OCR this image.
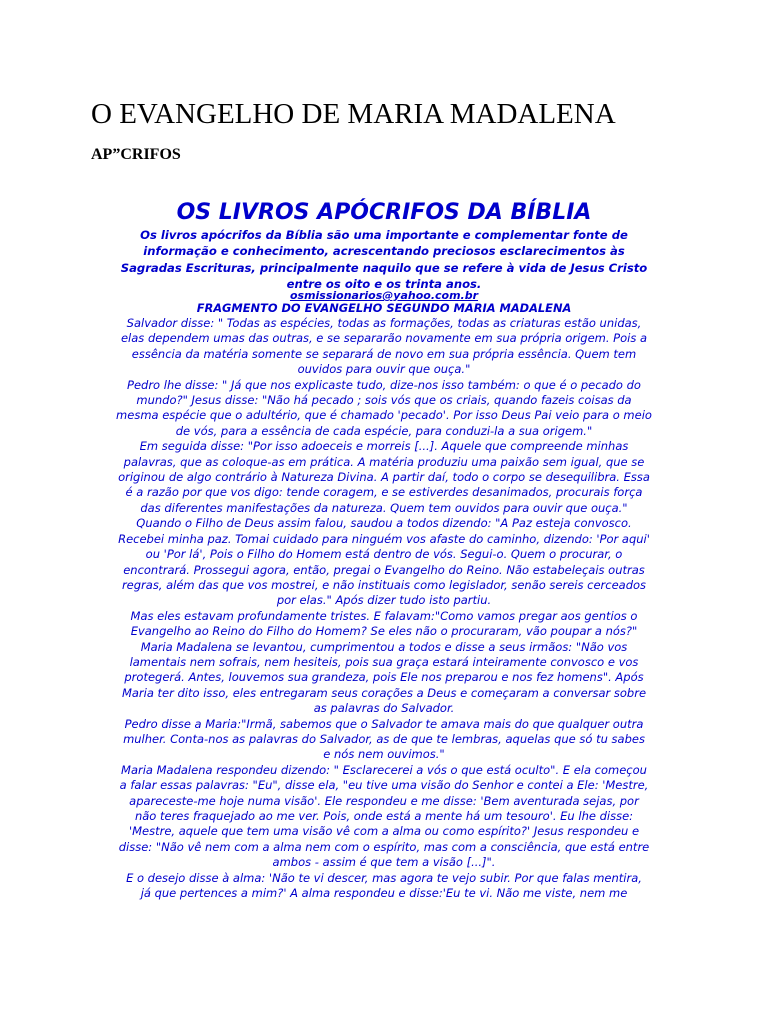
O EVANGELHO DE MARIA MADALENA
AP”CRIFOS
OS LIVROS APÓCRIFOS DA BÍBLIA

Os livros apócrifos da Bíblia são uma importante e complementar fonte de
informação e conhecimento, acrescentando preciosos esclarecimentos às
Sagradas Escrituras, principalmente naquilo que se refere à vida de Jesus Cristo
entre os oito e os trinta anos.

osmissionarios@yahoo.com.br
FRAGMENTO DO EVANGELHO SEGUNDO MARIA MADALENA
Salvador disse: " Todas as espécies, todas as formações, todas as criaturas estão unidas,
elas dependem umas das outras, e se separarão novamente em sua própria origem. Pois a
essência da matéria somente se separará de novo em sua própria essência. Quem tem
ouvidos para ouvir que ouça."
Pedro lhe disse: " Já que nos explicaste tudo, dize-nos isso também: o que é o pecado do
mundo?" Jesus disse: "Não há pecado ; sois vós que os criais, quando fazeis coisas da
mesma espécie que o adultério, que é chamado 'pecado'. Por isso Deus Pai veio para o meio
de vós, para a essência de cada espécie, para conduzi-la a sua origem."
Em seguida disse: "Por isso adoeceis e morreis [...]. Aquele que compreende minhas
palavras, que as coloque-as em prática. A matéria produziu uma paixão sem igual, que se
originou de algo contrário à Natureza Divina. A partir daí, todo o corpo se desequilibra. Essa
é a razão por que vos digo: tende coragem, e se estiverdes desanimados, procurais força
das diferentes manifestações da natureza. Quem tem ouvidos para ouvir que ouça."
Quando o Filho de Deus assim falou, saudou a todos dizendo: "A Paz esteja convosco.
Recebei minha paz. Tomai cuidado para ninguém vos afaste do caminho, dizendo: 'Por aqui'
ou 'Por lá', Pois o Filho do Homem está dentro de vós. Segui-o. Quem o procurar, o
encontrará. Prossegui agora, então, pregai o Evangelho do Reino. Não estabeleçais outras
regras, além das que vos mostrei, e não instituais como legislador, senão sereis cerceados
por elas." Após dizer tudo isto partiu.
Mas eles estavam profundamente tristes. E falavam:"Como vamos pregar aos gentios o
Evangelho ao Reino do Filho do Homem? Se eles não o procuraram, vão poupar a nós?"
Maria Madalena se levantou, cumprimentou a todos e disse a seus irmãos: "Não vos
lamentais nem sofrais, nem hesiteis, pois sua graça estará inteiramente convosco e vos
protegerá. Antes, louvemos sua grandeza, pois Ele nos preparou e nos fez homens". Após
Maria ter dito isso, eles entregaram seus corações a Deus e começaram a conversar sobre
as palavras do Salvador.
Pedro disse a Maria:"Irmã, sabemos que o Salvador te amava mais do que qualquer outra
mulher. Conta-nos as palavras do Salvador, as de que te lembras, aquelas que só tu sabes
e nós nem ouvimos."
Maria Madalena respondeu dizendo: " Esclarecerei a vós o que está oculto". E ela começou
a falar essas palavras: "Eu", disse ela, "eu tive uma visão do Senhor e contei a Ele: 'Mestre,
apareceste-me hoje numa visão'. Ele respondeu e me disse: 'Bem aventurada sejas, por
não teres fraquejado ao me ver. Pois, onde está a mente há um tesouro'. Eu lhe disse:
'Mestre, aquele que tem uma visão vê com a alma ou como espírito?' Jesus respondeu e
disse: "Não vê nem com a alma nem com o espírito, mas com a consciência, que está entre
ambos - assim é que tem a visão [...]".
E o desejo disse à alma: 'Não te vi descer, mas agora te vejo subir. Por que falas mentira,
já que pertences a mim?' A alma respondeu e disse:'Eu te vi. Não me viste, nem me
